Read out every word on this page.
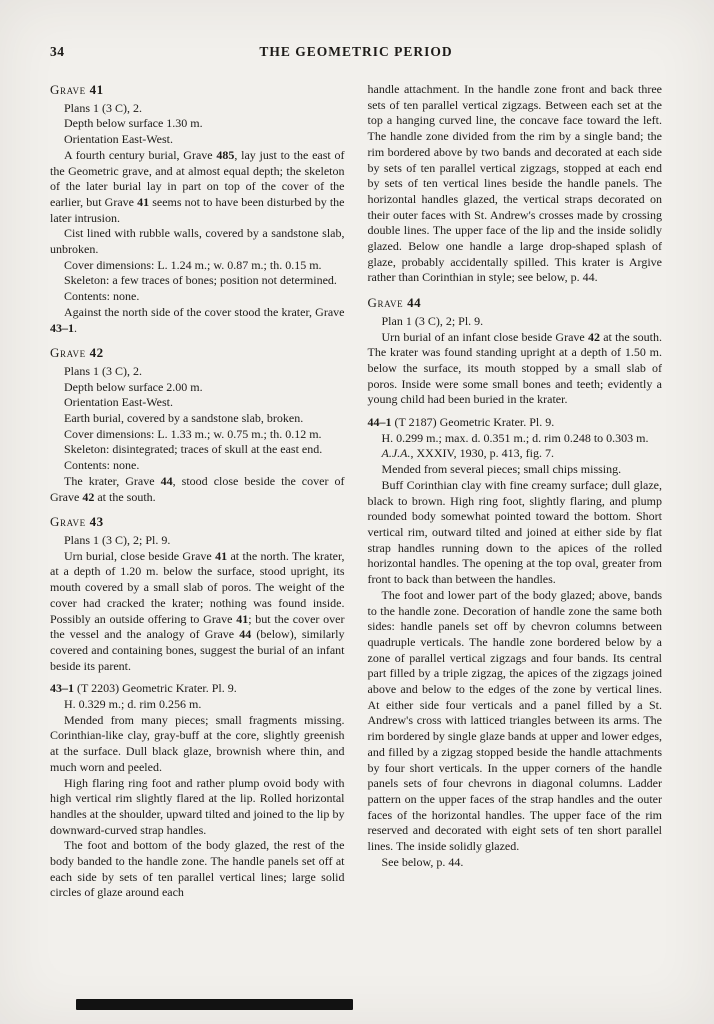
34	THE GEOMETRIC PERIOD
Grave 41
Plans 1 (3 C), 2.
Depth below surface 1.30 m.
Orientation East-West.
A fourth century burial, Grave 485, lay just to the east of the Geometric grave, and at almost equal depth; the skeleton of the later burial lay in part on top of the cover of the earlier, but Grave 41 seems not to have been disturbed by the later intrusion.
Cist lined with rubble walls, covered by a sandstone slab, unbroken.
Cover dimensions: L. 1.24 m.; w. 0.87 m.; th. 0.15 m.
Skeleton: a few traces of bones; position not determined.
Contents: none.
Against the north side of the cover stood the krater, Grave 43–1.
Grave 42
Plans 1 (3 C), 2.
Depth below surface 2.00 m.
Orientation East-West.
Earth burial, covered by a sandstone slab, broken.
Cover dimensions: L. 1.33 m.; w. 0.75 m.; th. 0.12 m.
Skeleton: disintegrated; traces of skull at the east end.
Contents: none.
The krater, Grave 44, stood close beside the cover of Grave 42 at the south.
Grave 43
Plans 1 (3 C), 2; Pl. 9.
Urn burial, close beside Grave 41 at the north. The krater, at a depth of 1.20 m. below the surface, stood upright, its mouth covered by a small slab of poros. The weight of the cover had cracked the krater; nothing was found inside. Possibly an outside offering to Grave 41; but the cover over the vessel and the analogy of Grave 44 (below), similarly covered and containing bones, suggest the burial of an infant beside its parent.
43–1 (T 2203) Geometric Krater. Pl. 9.
H. 0.329 m.; d. rim 0.256 m.
Mended from many pieces; small fragments missing. Corinthian-like clay, gray-buff at the core, slightly greenish at the surface. Dull black glaze, brownish where thin, and much worn and peeled.
High flaring ring foot and rather plump ovoid body with high vertical rim slightly flared at the lip. Rolled horizontal handles at the shoulder, upward tilted and joined to the lip by downward-curved strap handles.
The foot and bottom of the body glazed, the rest of the body banded to the handle zone. The handle panels set off at each side by sets of ten parallel vertical lines; large solid circles of glaze around each
handle attachment. In the handle zone front and back three sets of ten parallel vertical zigzags. Between each set at the top a hanging curved line, the concave face toward the left. The handle zone divided from the rim by a single band; the rim bordered above by two bands and decorated at each side by sets of ten parallel vertical zigzags, stopped at each end by sets of ten vertical lines beside the handle panels. The horizontal handles glazed, the vertical straps decorated on their outer faces with St. Andrew's crosses made by crossing double lines. The upper face of the lip and the inside solidly glazed. Below one handle a large drop-shaped splash of glaze, probably accidentally spilled. This krater is Argive rather than Corinthian in style; see below, p. 44.
Grave 44
Plan 1 (3 C), 2; Pl. 9.
Urn burial of an infant close beside Grave 42 at the south. The krater was found standing upright at a depth of 1.50 m. below the surface, its mouth stopped by a small slab of poros. Inside were some small bones and teeth; evidently a young child had been buried in the krater.
44–1 (T 2187) Geometric Krater. Pl. 9.
H. 0.299 m.; max. d. 0.351 m.; d. rim 0.248 to 0.303 m.
A.J.A., XXXIV, 1930, p. 413, fig. 7.
Mended from several pieces; small chips missing.
Buff Corinthian clay with fine creamy surface; dull glaze, black to brown. High ring foot, slightly flaring, and plump rounded body somewhat pointed toward the bottom. Short vertical rim, outward tilted and joined at either side by flat strap handles running down to the apices of the rolled horizontal handles. The opening at the top oval, greater from front to back than between the handles.
The foot and lower part of the body glazed; above, bands to the handle zone. Decoration of handle zone the same both sides: handle panels set off by chevron columns between quadruple verticals. The handle zone bordered below by a zone of parallel vertical zigzags and four bands. Its central part filled by a triple zigzag, the apices of the zigzags joined above and below to the edges of the zone by vertical lines. At either side four verticals and a panel filled by a St. Andrew's cross with latticed triangles between its arms. The rim bordered by single glaze bands at upper and lower edges, and filled by a zigzag stopped beside the handle attachments by four short verticals. In the upper corners of the handle panels sets of four chevrons in diagonal columns. Ladder pattern on the upper faces of the strap handles and the outer faces of the horizontal handles. The upper face of the rim reserved and decorated with eight sets of ten short parallel lines. The inside solidly glazed.
See below, p. 44.
